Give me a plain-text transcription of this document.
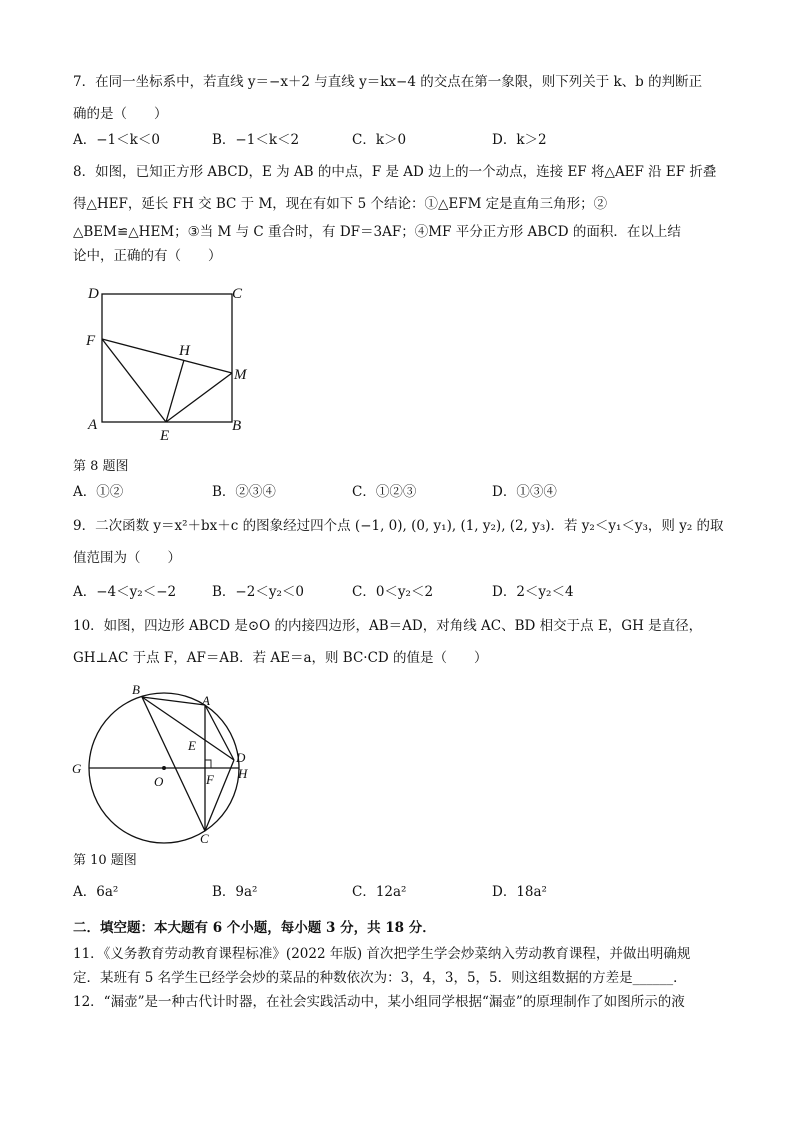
7．在同一坐标系中，若直线 y＝−x＋2 与直线 y＝kx−4 的交点在第一象限，则下列关于 k、b 的判断正
确的是（　　）
A．−1＜k＜0	B．−1＜k＜2	C．k＞0	D．k＞2
8．如图，已知正方形 ABCD，E 为 AB 的中点，F 是 AD 边上的一个动点，连接 EF 将△AEF 沿 EF 折叠
得△HEF，延长 FH 交 BC 于 M，现在有如下 5 个结论：①△EFM 定是直角三角形；②
△BEM≌△HEM；③当 M 与 C 重合时，有 DF＝3AF；④MF 平分正方形 ABCD 的面积．在以上结
论中，正确的有（　　）
D	C
F
H
M
A
E
B
第 8 题图
A．①②	B．②③④	C．①②③	D．①③④
9．二次函数 y＝x²＋bx＋c 的图象经过四个点 (−1, 0), (0, y₁), (1, y₂), (2, y₃)．若 y₂＜y₁＜y₃，则 y₂ 的取
值范围为（　　）
A．−4＜y₂＜−2	B．−2＜y₂＜0	C．0＜y₂＜2	D．2＜y₂＜4
10．如图，四边形 ABCD 是⊙O 的内接四边形，AB＝AD，对角线 AC、BD 相交于点 E，GH 是直径，
GH⊥AC 于点 F，AF＝AB．若 AE＝a，则 BC·CD 的值是（　　）
B
A
E
D
G
O	F H
C
第 10 题图
A．6a²	B．9a²	C．12a²	D．18a²
二．填空题：本大题有 6 个小题，每小题 3 分，共 18 分．
11．《义务教育劳动教育课程标准》(2022 年版) 首次把学生学会炒菜纳入劳动教育课程，并做出明确规
定．某班有 5 名学生已经学会炒的菜品的种数依次为：3，4，3，5，5．则这组数据的方差是______．
12．“漏壶”是一种古代计时器，在社会实践活动中，某小组同学根据“漏壶”的原理制作了如图所示的液
